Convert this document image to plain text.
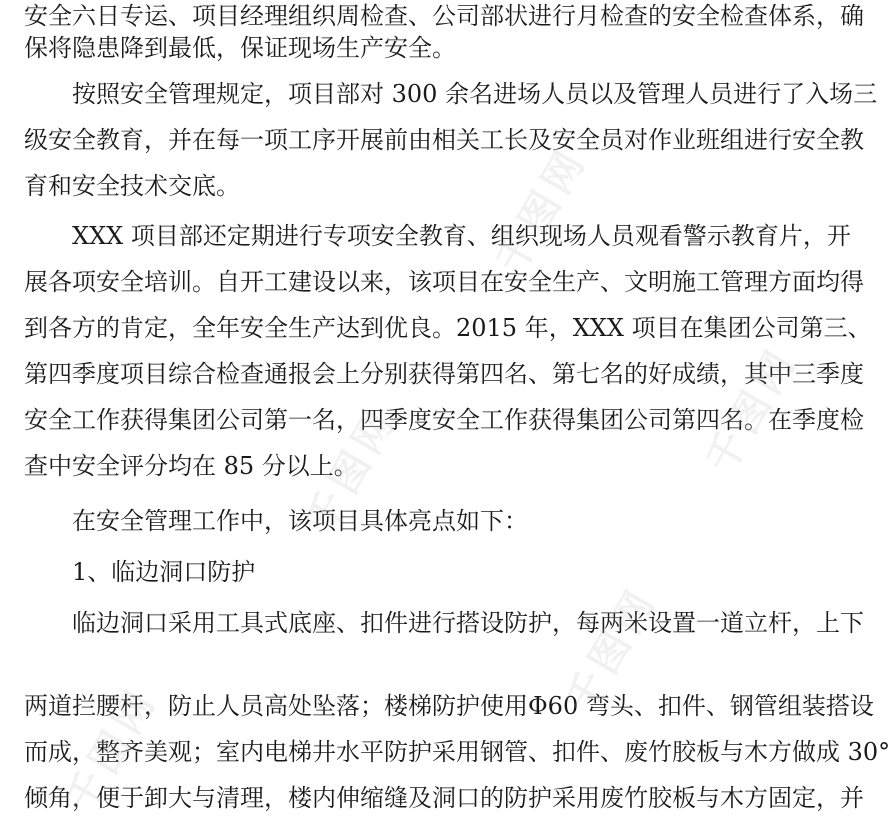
安全六日专运、项目经理组织周检查、公司部状进行月检查的安全检查体系，确
保将隐患降到最低，保证现场生产安全。
按照安全管理规定，项目部对 300 余名进场人员以及管理人员进行了入场三
级安全教育，并在每一项工序开展前由相关工长及安全员对作业班组进行安全教
育和安全技术交底。
XXX 项目部还定期进行专项安全教育、组织现场人员观看警示教育片，开
展各项安全培训。自开工建设以来，该项目在安全生产、文明施工管理方面均得
到各方的肯定，全年安全生产达到优良。2015 年，XXX 项目在集团公司第三、
第四季度项目综合检查通报会上分别获得第四名、第七名的好成绩，其中三季度
安全工作获得集团公司第一名，四季度安全工作获得集团公司第四名。在季度检
查中安全评分均在 85 分以上。
在安全管理工作中，该项目具体亮点如下：
1、临边洞口防护
临边洞口采用工具式底座、扣件进行搭设防护，每两米设置一道立杆，上下
两道拦腰杆，防止人员高处坠落；楼梯防护使用Φ60 弯头、扣件、钢管组装搭设
而成，整齐美观；室内电梯井水平防护采用钢管、扣件、废竹胶板与木方做成 30°
倾角，便于卸大与清理，楼内伸缩缝及洞口的防护采用废竹胶板与木方固定，并
千图网
千图网
千图网
千图网
千图网
